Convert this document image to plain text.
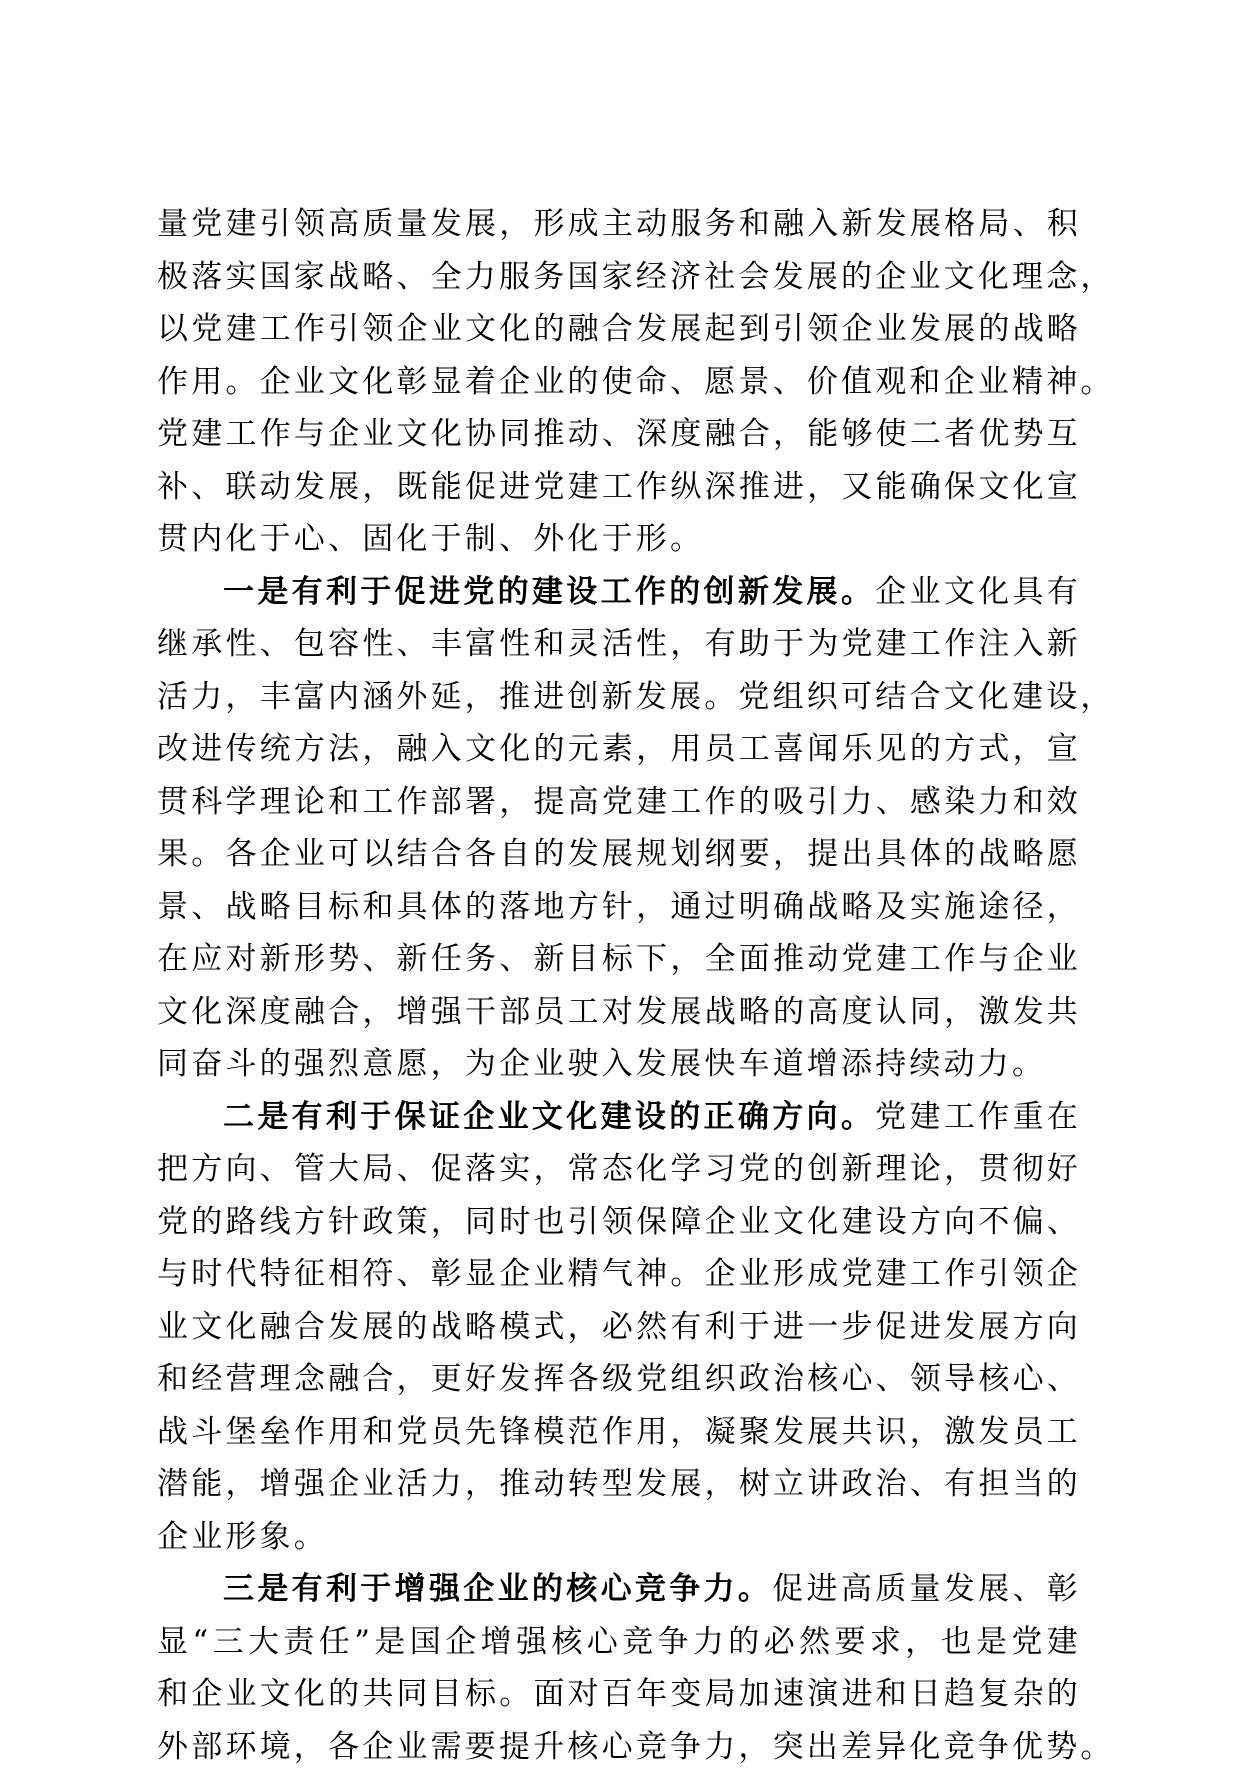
量党建引领高质量发展，形成主动服务和融入新发展格局、积
极落实国家战略、全力服务国家经济社会发展的企业文化理念，
以党建工作引领企业文化的融合发展起到引领企业发展的战略
作用。企业文化彰显着企业的使命、愿景、价值观和企业精神。
党建工作与企业文化协同推动、深度融合，能够使二者优势互
补、联动发展，既能促进党建工作纵深推进，又能确保文化宣
贯内化于心、固化于制、外化于形。
一是有利于促进党的建设工作的创新发展。企业文化具有
继承性、包容性、丰富性和灵活性，有助于为党建工作注入新
活力，丰富内涵外延，推进创新发展。党组织可结合文化建设，
改进传统方法，融入文化的元素，用员工喜闻乐见的方式，宣
贯科学理论和工作部署，提高党建工作的吸引力、感染力和效
果。各企业可以结合各自的发展规划纲要，提出具体的战略愿
景、战略目标和具体的落地方针，通过明确战略及实施途径，
在应对新形势、新任务、新目标下，全面推动党建工作与企业
文化深度融合，增强干部员工对发展战略的高度认同，激发共
同奋斗的强烈意愿，为企业驶入发展快车道增添持续动力。
二是有利于保证企业文化建设的正确方向。党建工作重在
把方向、管大局、促落实，常态化学习党的创新理论，贯彻好
党的路线方针政策，同时也引领保障企业文化建设方向不偏、
与时代特征相符、彰显企业精气神。企业形成党建工作引领企
业文化融合发展的战略模式，必然有利于进一步促进发展方向
和经营理念融合，更好发挥各级党组织政治核心、领导核心、
战斗堡垒作用和党员先锋模范作用，凝聚发展共识，激发员工
潜能，增强企业活力，推动转型发展，树立讲政治、有担当的
企业形象。
三是有利于增强企业的核心竞争力。促进高质量发展、彰
显“三大责任”是国企增强核心竞争力的必然要求，也是党建
和企业文化的共同目标。面对百年变局加速演进和日趋复杂的
外部环境，各企业需要提升核心竞争力，突出差异化竞争优势。
